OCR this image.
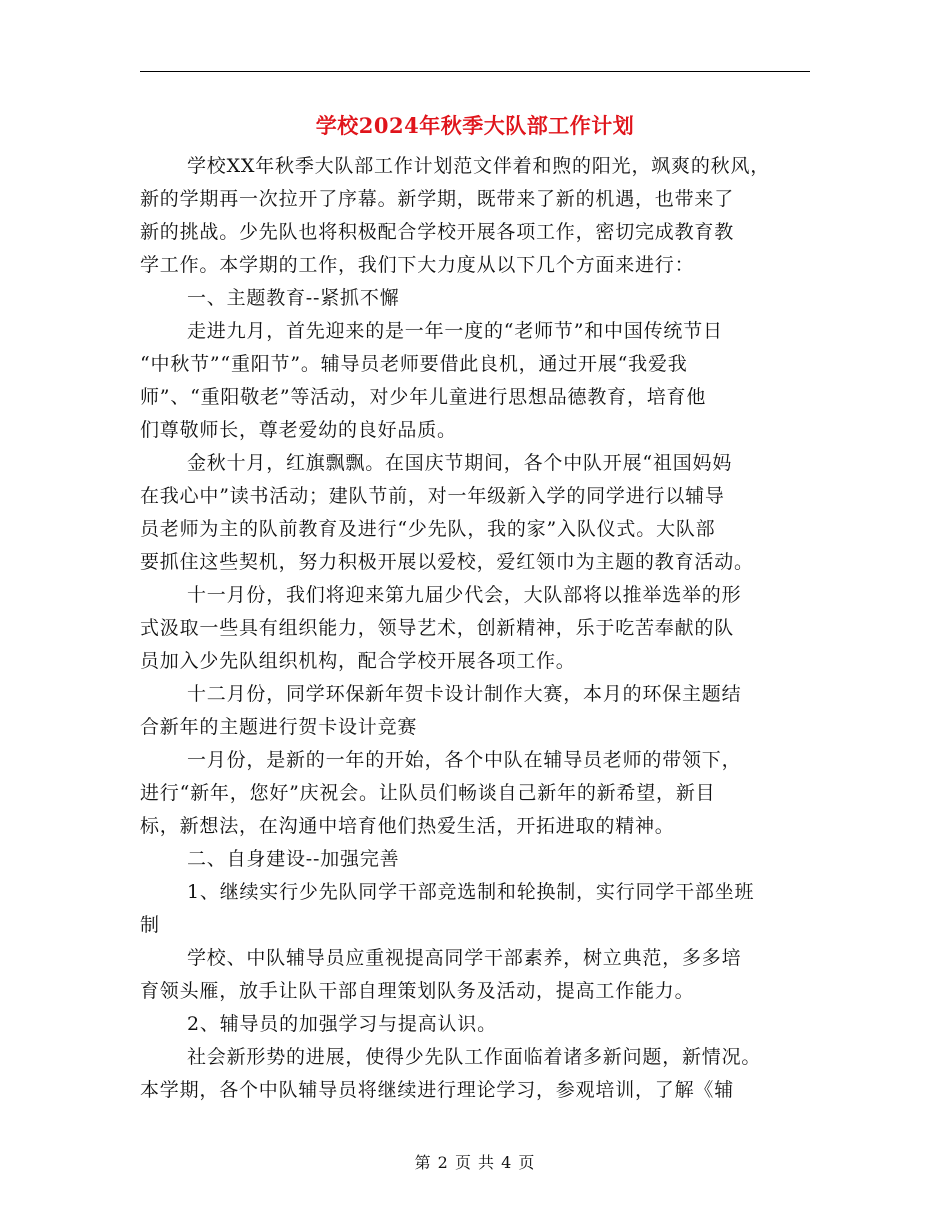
学校2024年秋季大队部工作计划
学校XX年秋季大队部工作计划范文伴着和煦的阳光，飒爽的秋风，
新的学期再一次拉开了序幕。新学期，既带来了新的机遇，也带来了
新的挑战。少先队也将积极配合学校开展各项工作，密切完成教育教
学工作。本学期的工作，我们下大力度从以下几个方面来进行：
一、主题教育--紧抓不懈
走进九月，首先迎来的是一年一度的“老师节”和中国传统节日
“中秋节”“重阳节”。辅导员老师要借此良机，通过开展“我爱我
师”、“重阳敬老”等活动，对少年儿童进行思想品德教育，培育他
们尊敬师长，尊老爱幼的良好品质。
金秋十月，红旗飘飘。在国庆节期间，各个中队开展“祖国妈妈
在我心中”读书活动；建队节前，对一年级新入学的同学进行以辅导
员老师为主的队前教育及进行“少先队，我的家”入队仪式。大队部
要抓住这些契机，努力积极开展以爱校，爱红领巾为主题的教育活动。
十一月份，我们将迎来第九届少代会，大队部将以推举选举的形
式汲取一些具有组织能力，领导艺术，创新精神，乐于吃苦奉献的队
员加入少先队组织机构，配合学校开展各项工作。
十二月份，同学环保新年贺卡设计制作大赛，本月的环保主题结
合新年的主题进行贺卡设计竞赛
一月份，是新的一年的开始，各个中队在辅导员老师的带领下，
进行“新年，您好”庆祝会。让队员们畅谈自己新年的新希望，新目
标，新想法，在沟通中培育他们热爱生活，开拓进取的精神。
二、自身建设--加强完善
1、继续实行少先队同学干部竞选制和轮换制，实行同学干部坐班
制
学校、中队辅导员应重视提高同学干部素养，树立典范，多多培
育领头雁，放手让队干部自理策划队务及活动，提高工作能力。
2、辅导员的加强学习与提高认识。
社会新形势的进展，使得少先队工作面临着诸多新问题，新情况。
本学期，各个中队辅导员将继续进行理论学习，参观培训，了解《辅
第 2 页 共 4 页
